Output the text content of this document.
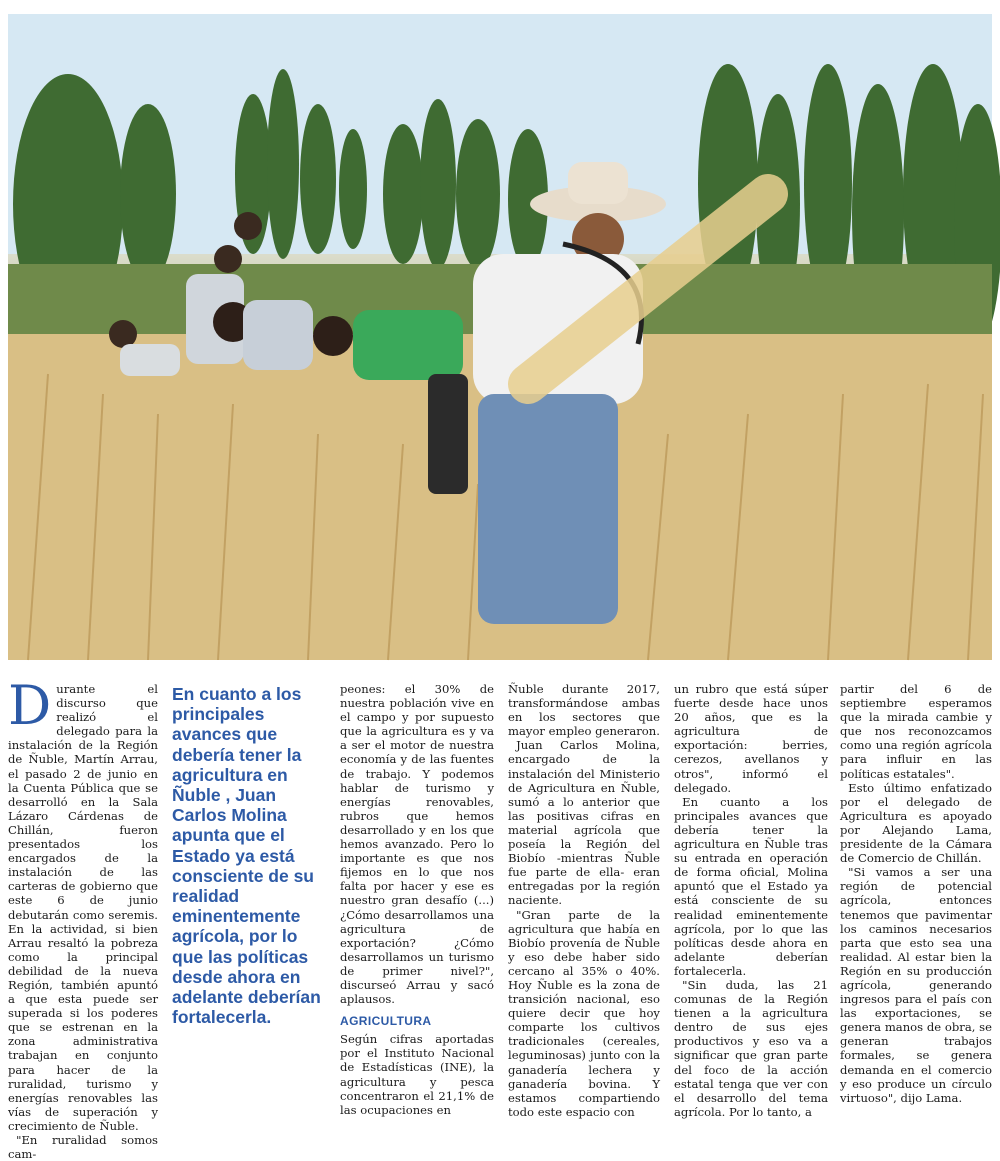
D urante el discurso que realizó el delegado para la instalación de la Región de Ñuble, Martín Arrau, el pasado 2 de junio en la Cuenta Pública que se desarrolló en la Sala Lázaro Cárdenas de Chillán, fueron presentados los encargados de la instalación de las carteras de gobierno que este 6 de junio debutarán como seremis. En la actividad, si bien Arrau resaltó la pobreza como la principal debilidad de la nueva Región, también apuntó a que esta puede ser superada si los poderes que se estrenan en la zona administrativa trabajan en conjunto para hacer de la ruralidad, turismo y energías renovables las vías de superación y crecimiento de Ñuble.

"En ruralidad somos cam-

En cuanto a los principales avances que debería tener la agricultura en Ñuble , Juan Carlos Molina apunta que el Estado ya está consciente de su realidad eminentemente agrícola, por lo que las políticas desde ahora en adelante deberían fortalecerla.

peones: el 30% de nuestra población vive en el campo y por supuesto que la agricultura es y va a ser el motor de nuestra economía y de las fuentes de trabajo. Y podemos hablar de turismo y energías renovables, rubros que hemos desarrollado y en los que hemos avanzado. Pero lo importante es que nos fijemos en lo que nos falta por hacer y ese es nuestro gran desafío (...) ¿Cómo desarrollamos una agricultura de exportación? ¿Cómo desarrollamos un turismo de primer nivel?", discurseó Arrau y sacó aplausos.

AGRICULTURA

Según cifras aportadas por el Instituto Nacional de Estadísticas (INE), la agricultura y pesca concentraron el 21,1% de las ocupaciones en

Ñuble durante 2017, transformándose ambas en los sectores que mayor empleo generaron.

Juan Carlos Molina, encargado de la instalación del Ministerio de Agricultura en Ñuble, sumó a lo anterior que las positivas cifras en material agrícola que poseía la Región del Biobío -mientras Ñuble fue parte de ella- eran entregadas por la región naciente.

"Gran parte de la agricultura que había en Biobío provenía de Ñuble y eso debe haber sido cercano al 35% o 40%. Hoy Ñuble es la zona de transición nacional, eso quiere decir que hoy comparte los cultivos tradicionales (cereales, leguminosas) junto con la ganadería lechera y ganadería bovina. Y estamos compartiendo todo este espacio con

un rubro que está súper fuerte desde hace unos 20 años, que es la agricultura de exportación: berries, cerezos, avellanos y otros", informó el delegado.

En cuanto a los principales avances que debería tener la agricultura en Ñuble tras su entrada en operación de forma oficial, Molina apuntó que el Estado ya está consciente de su realidad eminentemente agrícola, por lo que las políticas desde ahora en adelante deberían fortalecerla.

"Sin duda, las 21 comunas de la Región tienen a la agricultura dentro de sus ejes productivos y eso va a significar que gran parte del foco de la acción estatal tenga que ver con el desarrollo del tema agrícola. Por lo tanto, a

partir del 6 de septiembre esperamos que la mirada cambie y que nos reconozcamos como una región agrícola para influir en las políticas estatales".

Esto último enfatizado por el delegado de Agricultura es apoyado por Alejando Lama, presidente de la Cámara de Comercio de Chillán.

"Si vamos a ser una región de potencial agrícola, entonces tenemos que pavimentar los caminos necesarios parta que esto sea una realidad. Al estar bien la Región en su producción agrícola, generando ingresos para el país con las exportaciones, se genera manos de obra, se generan trabajos formales, se genera demanda en el comercio y eso produce un círculo virtuoso", dijo Lama.
